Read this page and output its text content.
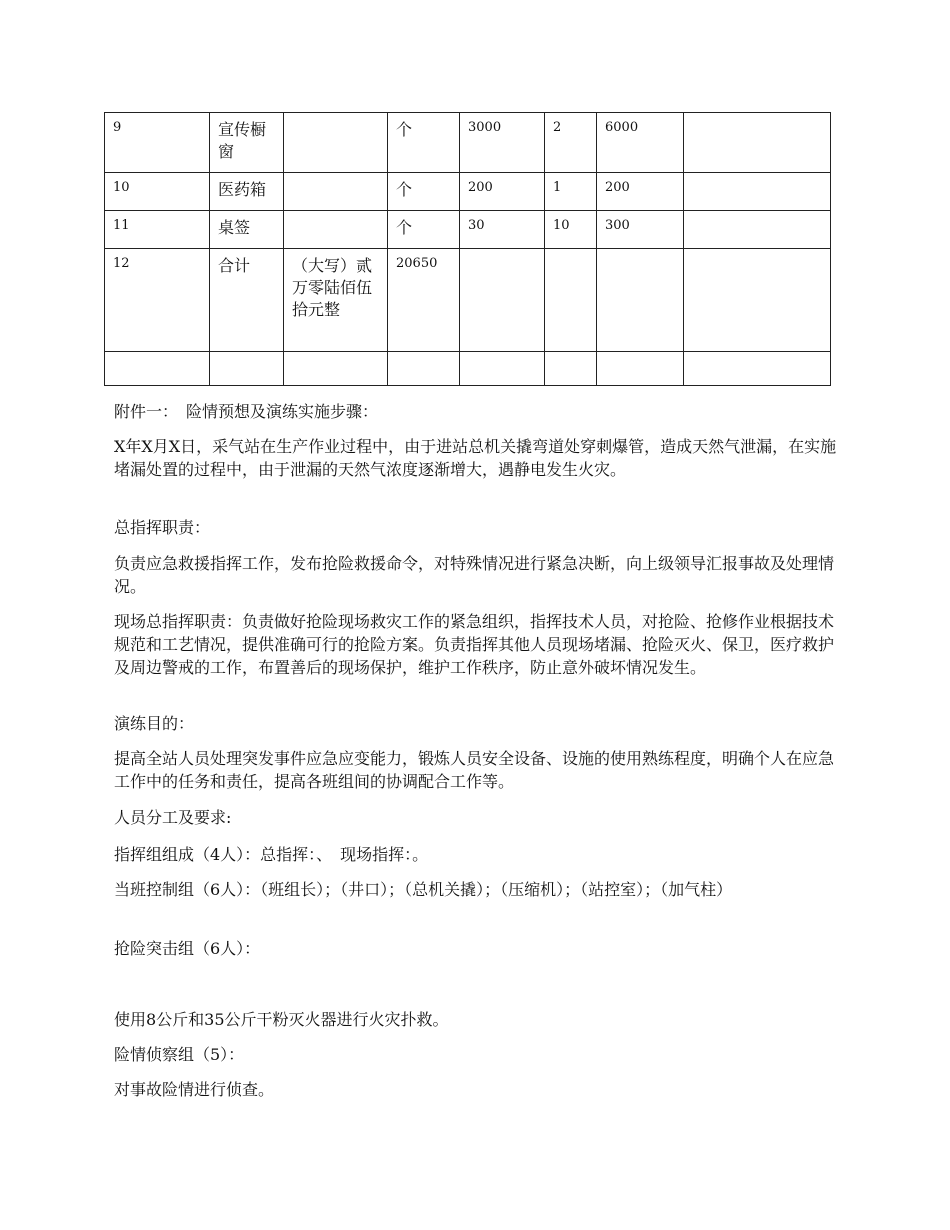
9	宣传橱窗		个	3000	2	6000	
10	医药箱		个	200	1	200	
11	桌签		个	30	10	300	
12	合计	（大写）贰万零陆佰伍拾元整	20650				

附件一：　险情预想及演练实施步骤：

X年X月X日，采气站在生产作业过程中，由于进站总机关撬弯道处穿刺爆管，造成天然气泄漏，在实施堵漏处置的过程中，由于泄漏的天然气浓度逐渐增大，遇静电发生火灾。

总指挥职责：

负责应急救援指挥工作，发布抢险救援命令，对特殊情况进行紧急决断，向上级领导汇报事故及处理情况。

现场总指挥职责：负责做好抢险现场救灾工作的紧急组织，指挥技术人员，对抢险、抢修作业根据技术规范和工艺情况，提供准确可行的抢险方案。负责指挥其他人员现场堵漏、抢险灭火、保卫，医疗救护及周边警戒的工作，布置善后的现场保护，维护工作秩序，防止意外破坏情况发生。

演练目的：

提高全站人员处理突发事件应急应变能力，锻炼人员安全设备、设施的使用熟练程度，明确个人在应急工作中的任务和责任，提高各班组间的协调配合工作等。

人员分工及要求:

指挥组组成（4人）：总指挥：、　现场指挥：。

当班控制组（6人）：（班组长）；（井口）；（总机关撬）；（压缩机）；（站控室）；（加气柱）

抢险突击组（6人）：

使用8公斤和35公斤干粉灭火器进行火灾扑救。

险情侦察组（5）：

对事故险情进行侦查。
